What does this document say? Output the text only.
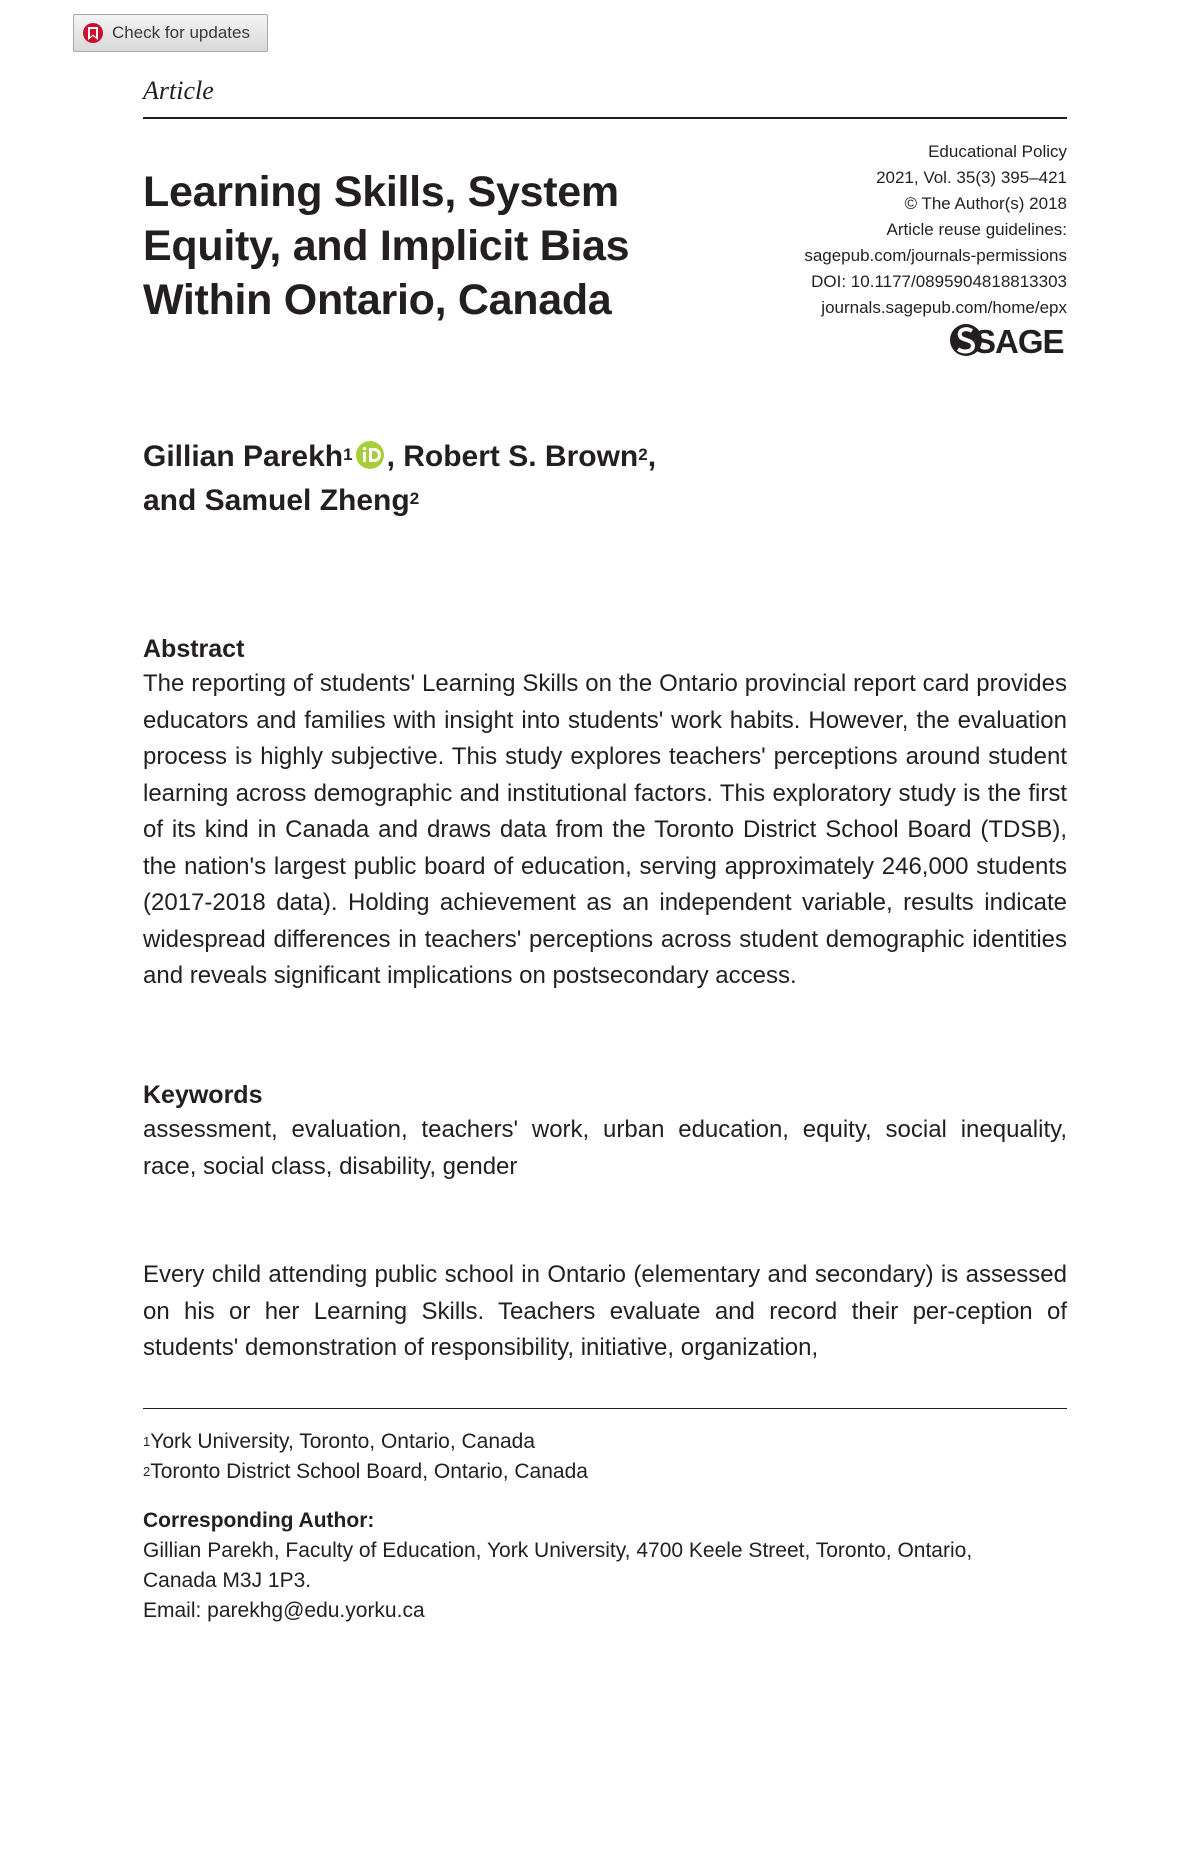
Check for updates
Article
Learning Skills, System
Equity, and Implicit Bias
Within Ontario, Canada
Educational Policy
2021, Vol. 35(3) 395–421
© The Author(s) 2018
Article reuse guidelines:
sagepub.com/journals-permissions
DOI: 10.1177/0895904818813303
journals.sagepub.com/home/epx
SAGE
Gillian Parekh$^1$ , Robert S. Brown$^2$,
and Samuel Zheng$^2$
Abstract
The reporting of students' Learning Skills on the Ontario provincial report card provides educators and families with insight into students' work habits. However, the evaluation process is highly subjective. This study explores teachers' perceptions around student learning across demographic and institutional factors. This exploratory study is the first of its kind in Canada and draws data from the Toronto District School Board (TDSB), the nation's largest public board of education, serving approximately 246,000 students (2017-2018 data). Holding achievement as an independent variable, results indicate widespread differences in teachers' perceptions across student demographic identities and reveals significant implications on postsecondary access.
Keywords
assessment, evaluation, teachers' work, urban education, equity, social inequality, race, social class, disability, gender
Every child attending public school in Ontario (elementary and secondary) is assessed on his or her Learning Skills. Teachers evaluate and record their per-ception of students' demonstration of responsibility, initiative, organization,
$^1$York University, Toronto, Ontario, Canada
$^2$Toronto District School Board, Ontario, Canada
Corresponding Author:
Gillian Parekh, Faculty of Education, York University, 4700 Keele Street, Toronto, Ontario,
Canada M3J 1P3.
Email: parekhg@edu.yorku.ca
